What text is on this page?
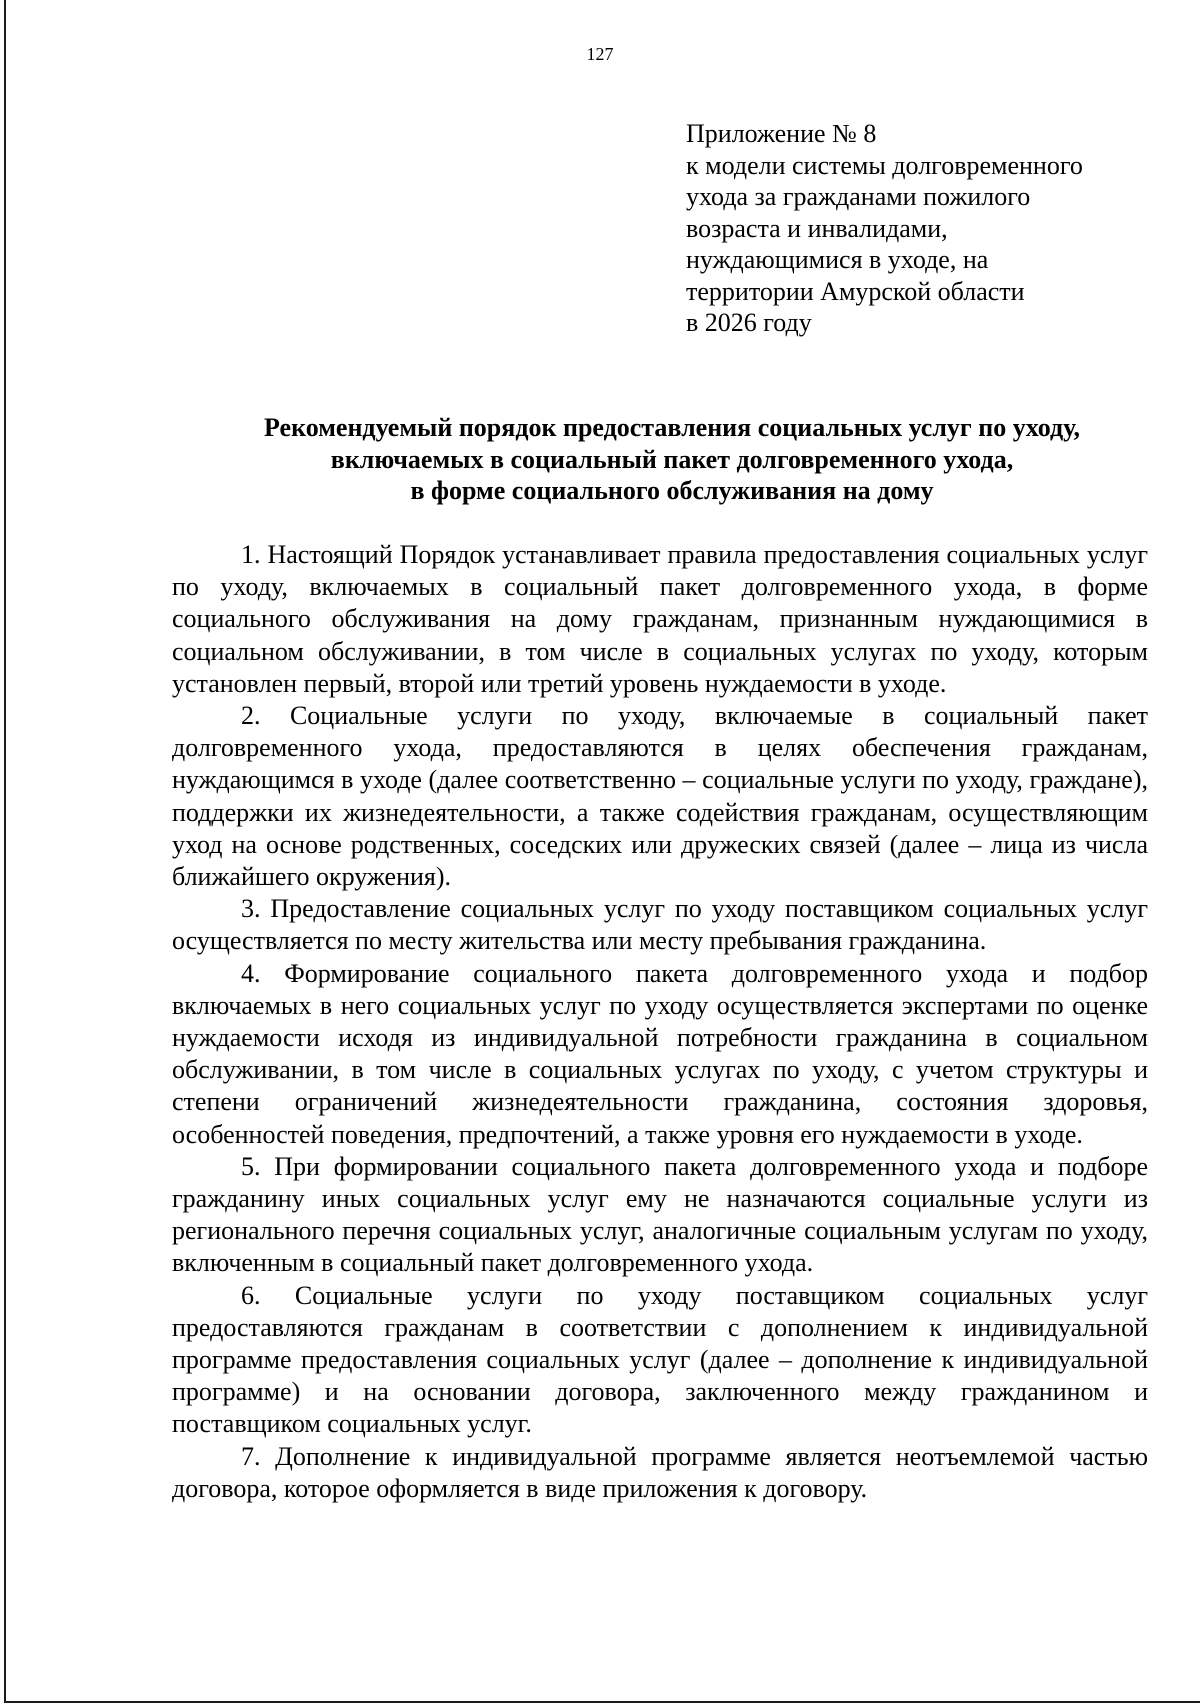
127
Приложение № 8
к модели системы долговременного
ухода за гражданами пожилого
возраста и инвалидами,
нуждающимися в уходе, на
территории Амурской области
в 2026 году
Рекомендуемый порядок предоставления социальных услуг по уходу,
включаемых в социальный пакет долговременного ухода,
в форме социального обслуживания на дому

1. Настоящий Порядок устанавливает правила предоставления социальных услуг по уходу, включаемых в социальный пакет долговременного ухода, в форме социального обслуживания на дому гражданам, признанным нуждающимися в социальном обслуживании, в том числе в социальных услугах по уходу, которым установлен первый, второй или третий уровень нуждаемости в уходе.

2. Социальные услуги по уходу, включаемые в социальный пакет долговременного ухода, предоставляются в целях обеспечения гражданам, нуждающимся в уходе (далее соответственно – социальные услуги по уходу, граждане), поддержки их жизнедеятельности, а также содействия гражданам, осуществляющим уход на основе родственных, соседских или дружеских связей (далее – лица из числа ближайшего окружения).

3. Предоставление социальных услуг по уходу поставщиком социальных услуг осуществляется по месту жительства или месту пребывания гражданина.

4. Формирование социального пакета долговременного ухода и подбор включаемых в него социальных услуг по уходу осуществляется экспертами по оценке нуждаемости исходя из индивидуальной потребности гражданина в социальном обслуживании, в том числе в социальных услугах по уходу, с учетом структуры и степени ограничений жизнедеятельности гражданина, состояния здоровья, особенностей поведения, предпочтений, а также уровня его нуждаемости в уходе.

5. При формировании социального пакета долговременного ухода и подборе гражданину иных социальных услуг ему не назначаются социальные услуги из регионального перечня социальных услуг, аналогичные социальным услугам по уходу, включенным в социальный пакет долговременного ухода.

6. Социальные услуги по уходу поставщиком социальных услуг предоставляются гражданам в соответствии с дополнением к индивидуальной программе предоставления социальных услуг (далее – дополнение к индивидуальной программе) и на основании договора, заключенного между гражданином и поставщиком социальных услуг.

7. Дополнение к индивидуальной программе является неотъемлемой частью договора, которое оформляется в виде приложения к договору.
